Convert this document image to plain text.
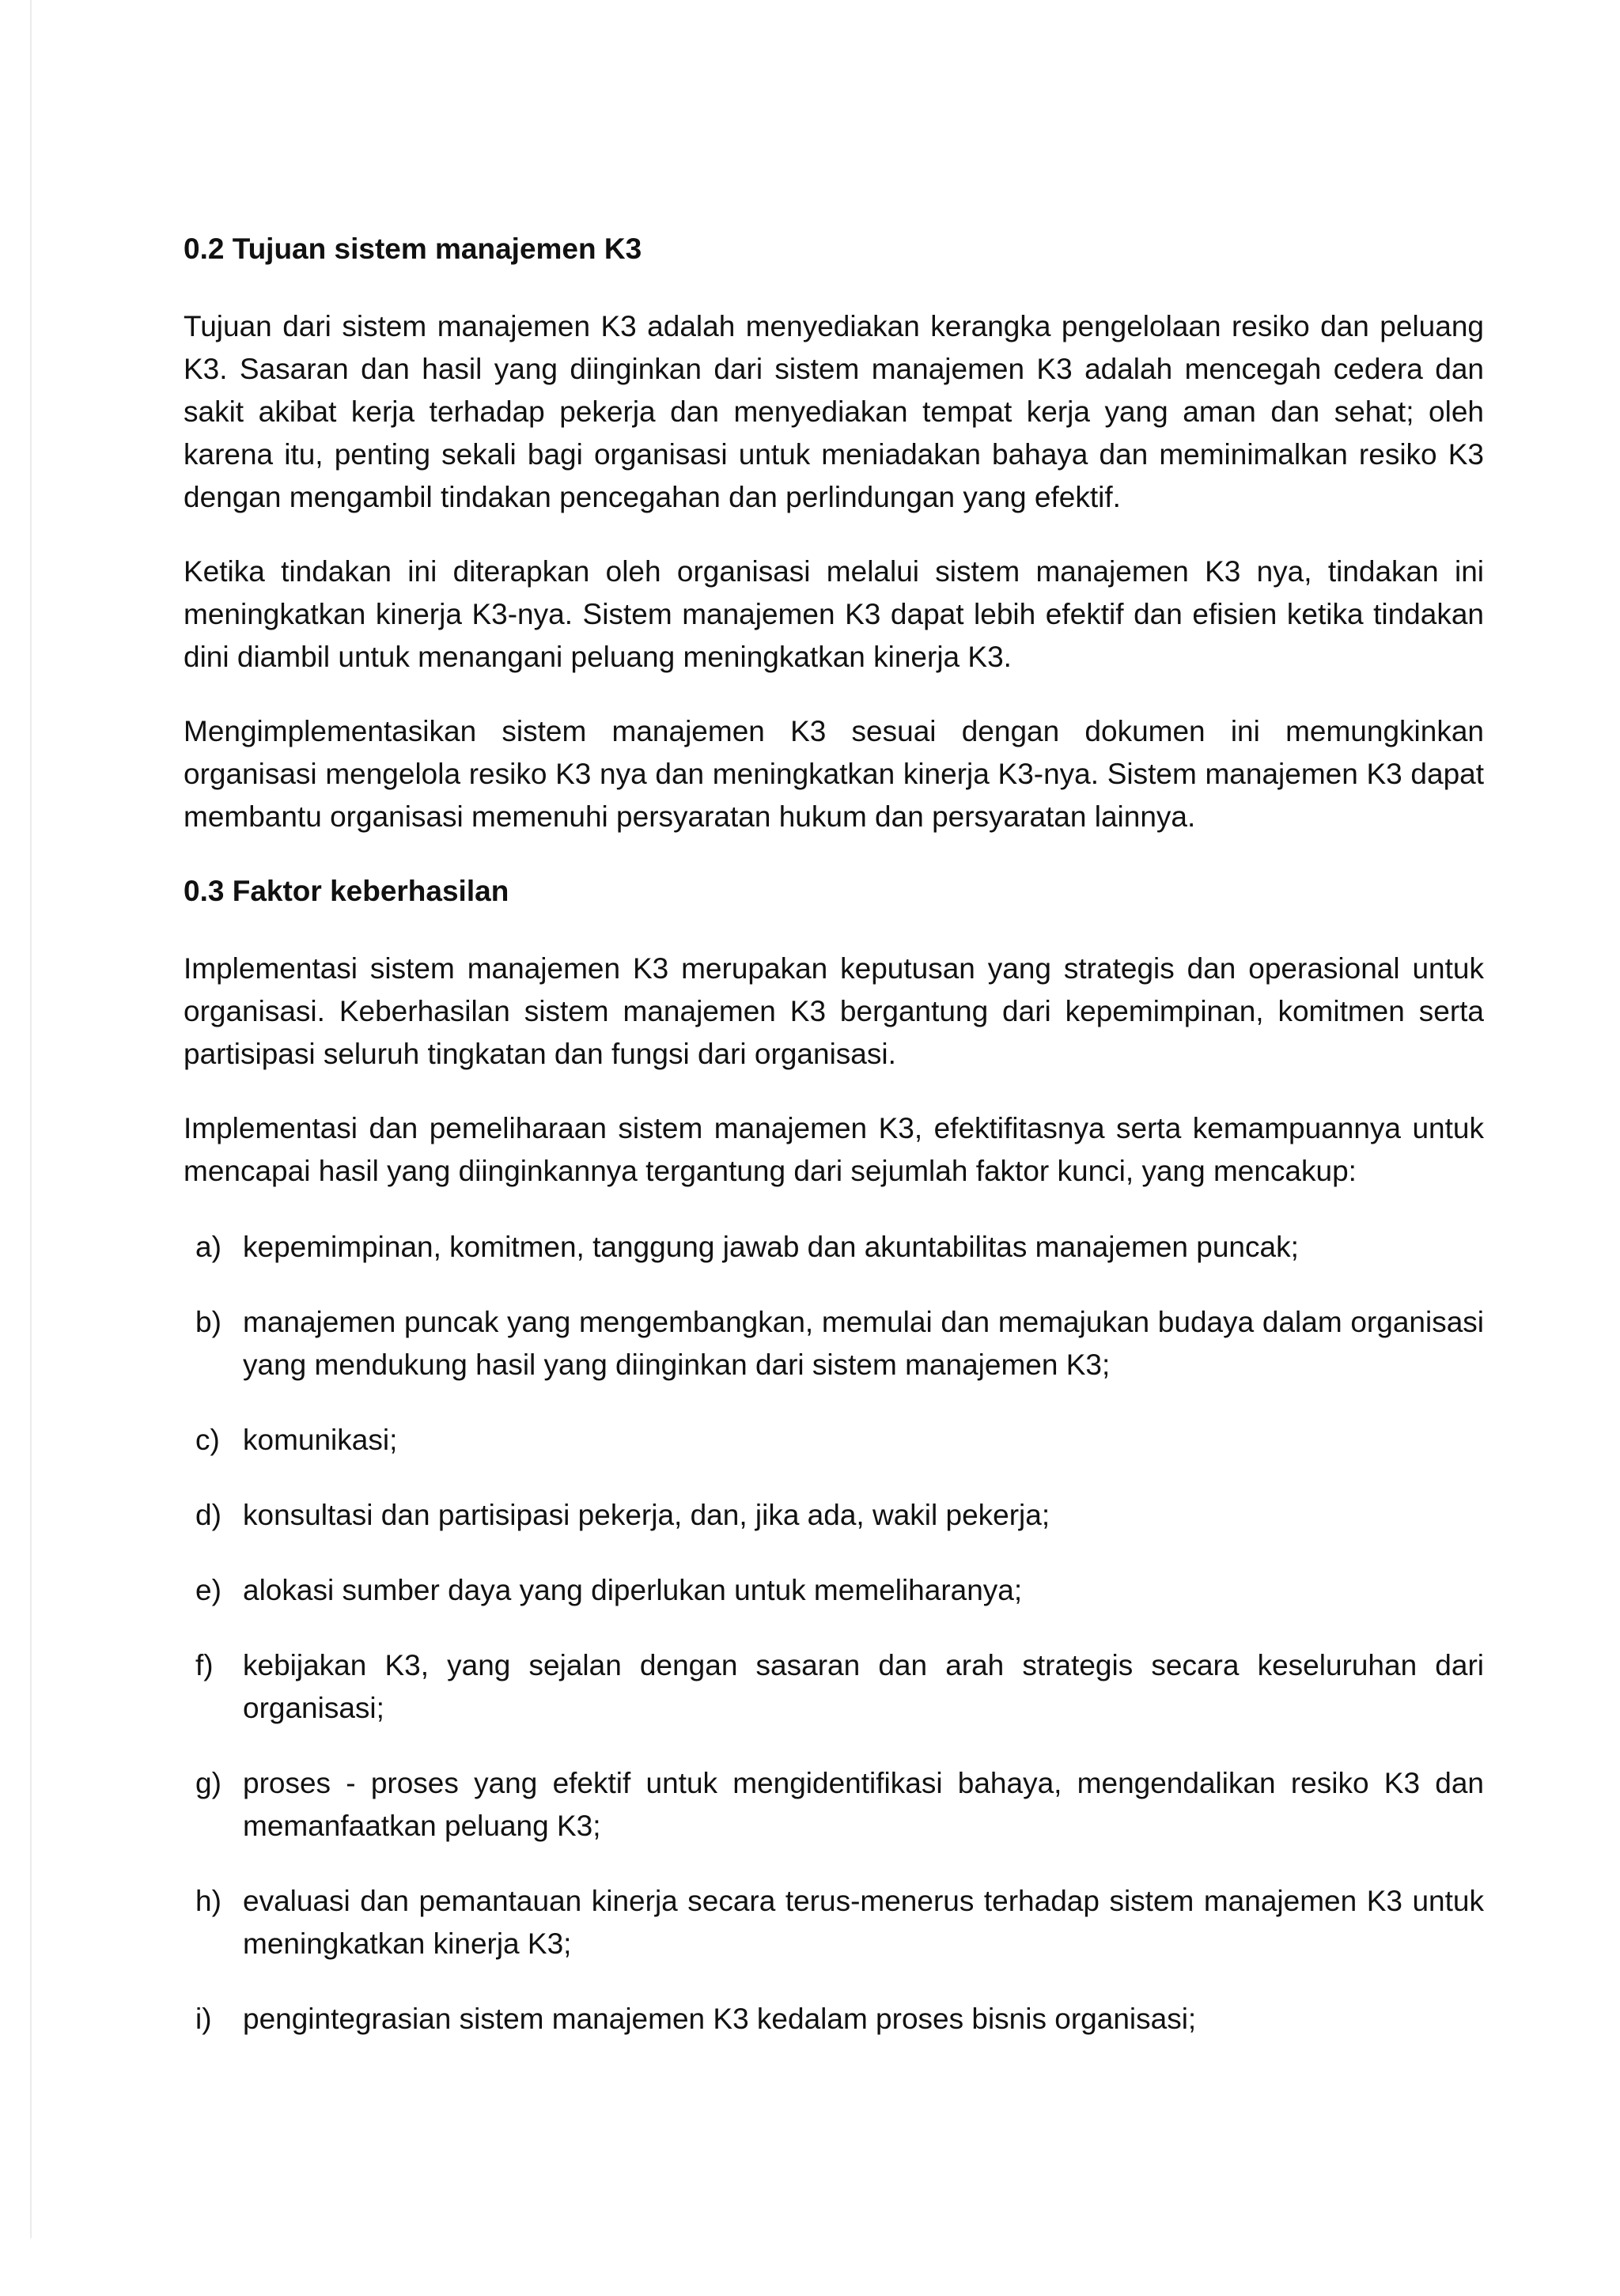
0.2 Tujuan sistem manajemen K3

Tujuan dari sistem manajemen K3 adalah menyediakan kerangka pengelolaan resiko dan peluang K3. Sasaran dan hasil yang diinginkan dari sistem manajemen K3 adalah mencegah cedera dan sakit akibat kerja terhadap pekerja dan menyediakan tempat kerja yang aman dan sehat; oleh karena itu, penting sekali bagi organisasi untuk meniadakan bahaya dan meminimalkan resiko K3 dengan mengambil tindakan pencegahan dan perlindungan yang efektif.

Ketika tindakan ini diterapkan oleh organisasi melalui sistem manajemen K3 nya, tindakan ini meningkatkan kinerja K3-nya. Sistem manajemen K3 dapat lebih efektif dan efisien ketika tindakan dini diambil untuk menangani peluang meningkatkan kinerja K3.

Mengimplementasikan sistem manajemen K3 sesuai dengan dokumen ini memungkinkan organisasi mengelola resiko K3 nya dan meningkatkan kinerja K3-nya. Sistem manajemen K3 dapat membantu organisasi memenuhi persyaratan hukum dan persyaratan lainnya.

0.3 Faktor keberhasilan

Implementasi sistem manajemen K3 merupakan keputusan yang strategis dan operasional untuk organisasi. Keberhasilan sistem manajemen K3 bergantung dari kepemimpinan, komitmen serta partisipasi seluruh tingkatan dan fungsi dari organisasi.

Implementasi dan pemeliharaan sistem manajemen K3, efektifitasnya serta kemampuannya untuk mencapai hasil yang diinginkannya tergantung dari sejumlah faktor kunci, yang mencakup:

a) kepemimpinan, komitmen, tanggung jawab dan akuntabilitas manajemen puncak;
b) manajemen puncak yang mengembangkan, memulai dan memajukan budaya dalam organisasi yang mendukung hasil yang diinginkan dari sistem manajemen K3;
c) komunikasi;
d) konsultasi dan partisipasi pekerja, dan, jika ada, wakil pekerja;
e) alokasi sumber daya yang diperlukan untuk memeliharanya;
f) kebijakan K3, yang sejalan dengan sasaran dan arah strategis secara keseluruhan dari organisasi;
g) proses - proses yang efektif untuk mengidentifikasi bahaya, mengendalikan resiko K3 dan memanfaatkan peluang K3;
h) evaluasi dan pemantauan kinerja secara terus-menerus terhadap sistem manajemen K3 untuk meningkatkan kinerja K3;
i) pengintegrasian sistem manajemen K3 kedalam proses bisnis organisasi;
